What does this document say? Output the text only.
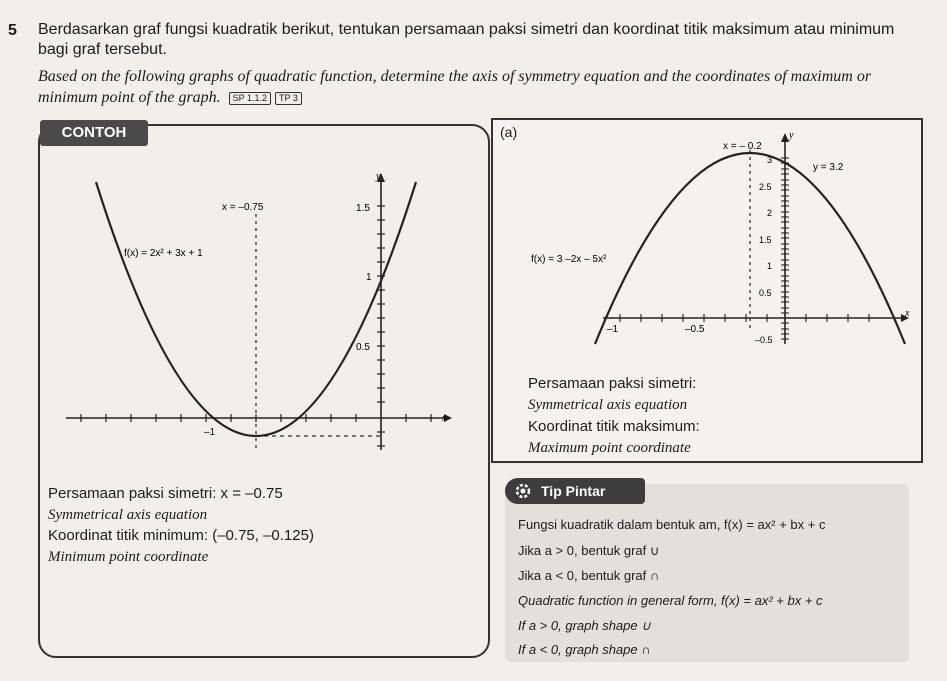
5 Berdasarkan graf fungsi kuadratik berikut, tentukan persamaan paksi simetri dan koordinat titik maksimum atau minimum bagi graf tersebut.
Based on the following graphs of quadratic function, determine the axis of symmetry equation and the coordinates of maximum or minimum point of the graph. SP 1.1.2 TP 3
CONTOH
x = –0.75
f(x) = 2x² + 3x + 1
y
x
1.5
1
0.5
–1
Persamaan paksi simetri: x = –0.75
Symmetrical axis equation
Koordinat titik minimum: (–0.75, –0.125)
Minimum point coordinate
(a)
x = – 0.2
y = 3.2
f(x) = 3 –2x – 5x²
y
x
3
2.5
2
1.5
1
0.5
–0.5
–1	–0.5
Persamaan paksi simetri:
Symmetrical axis equation
Koordinat titik maksimum:
Maximum point coordinate
Tip Pintar
Fungsi kuadratik dalam bentuk am, f(x) = ax² + bx + c
Jika a > 0, bentuk graf ∪
Jika a < 0, bentuk graf ∩
Quadratic function in general form, f(x) = ax² + bx + c
If a > 0, graph shape ∪
If a < 0, graph shape ∩
